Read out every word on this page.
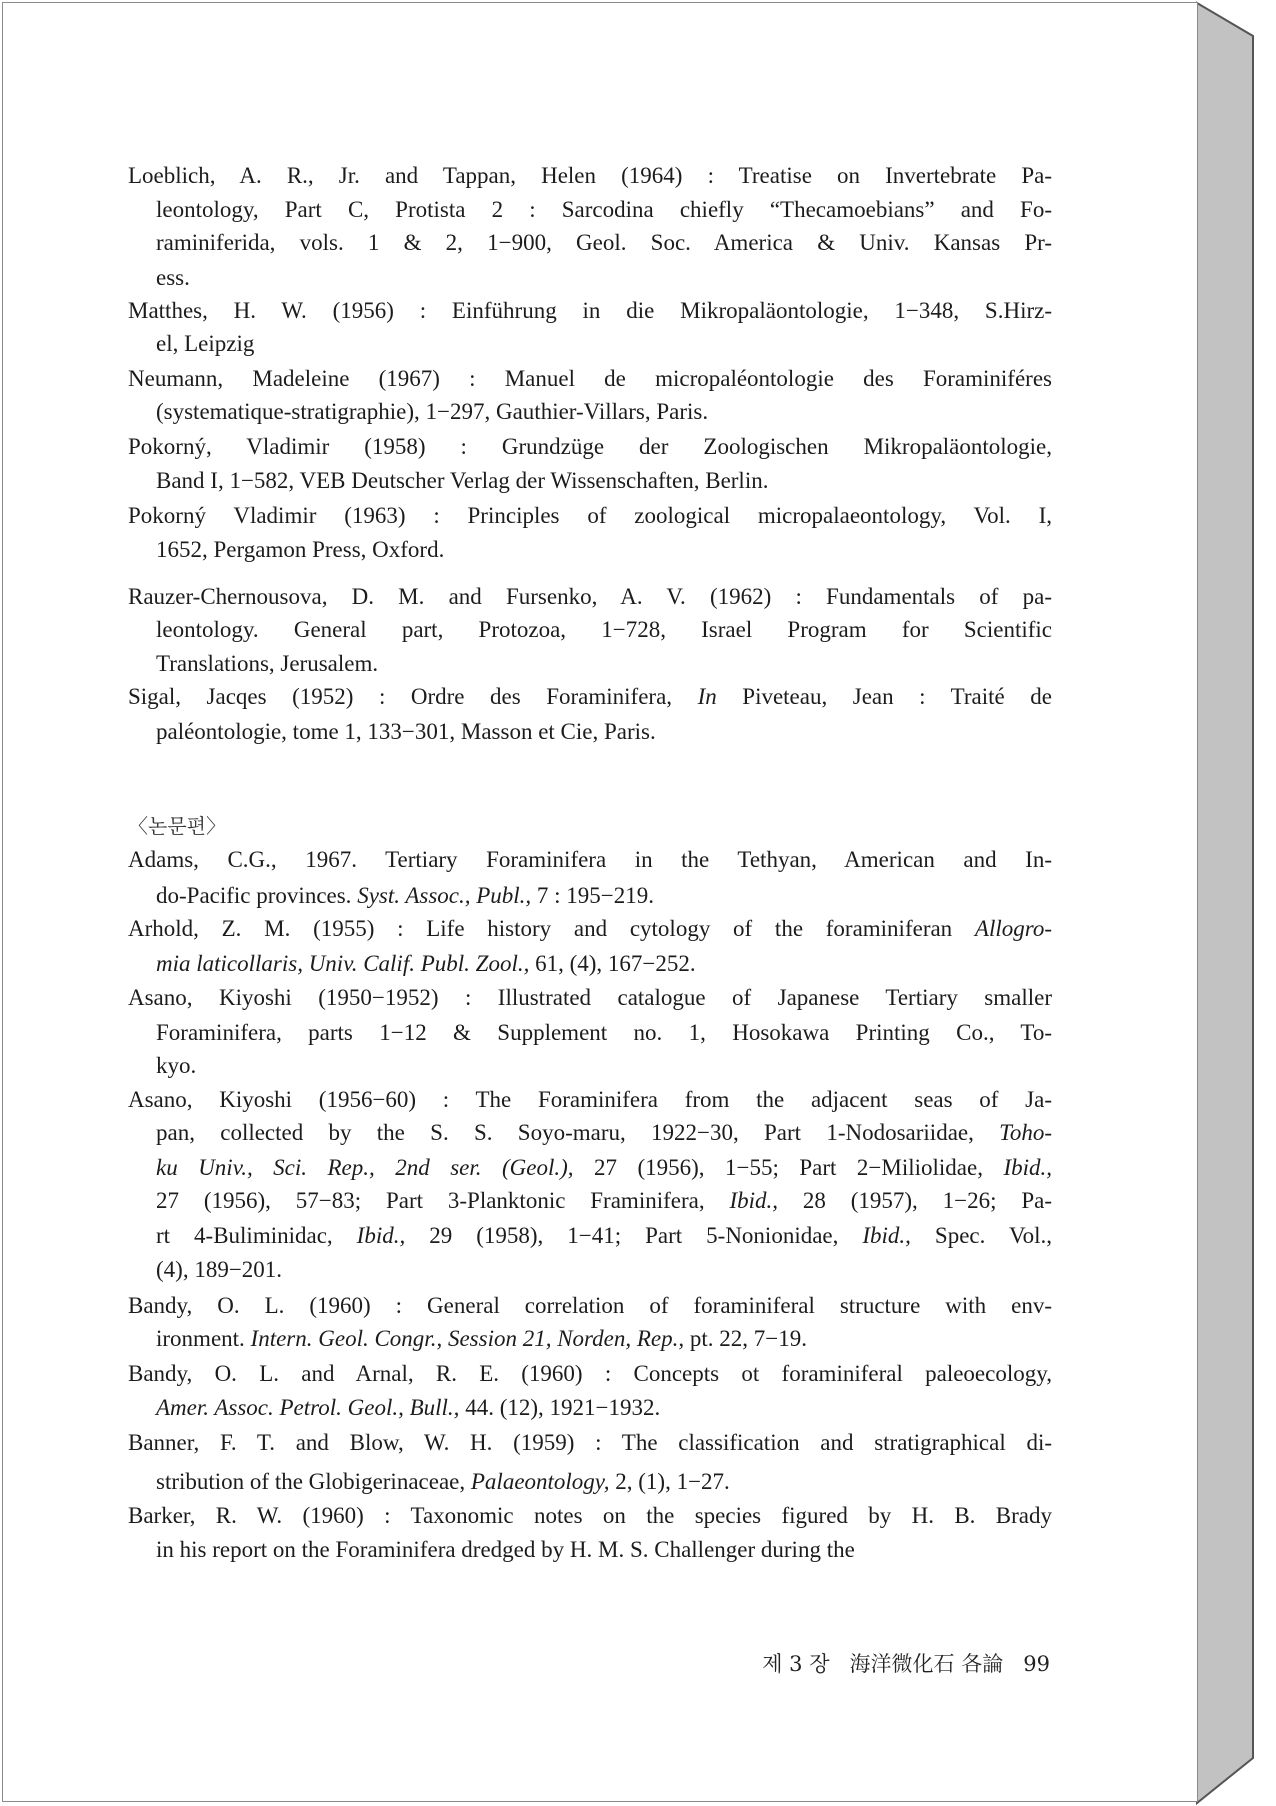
〈논문편〉
제 3 장 海洋微化石 各論 99
Loeblich, A. R., Jr. and Tappan, Helen (1964) : Treatise on Invertebrate Pa-
leontology, Part C, Protista 2 : Sarcodina chiefly “Thecamoebians” and Fo-
raminiferida, vols. 1 & 2, 1−900, Geol. Soc. America & Univ. Kansas Pr-
ess.
Matthes, H. W. (1956) : Einführung in die Mikropaläontologie, 1−348, S.Hirz-
el, Leipzig
Neumann, Madeleine (1967) : Manuel de micropaléontologie des Foraminiféres
(systematique-stratigraphie), 1−297, Gauthier-Villars, Paris.
Pokorný, Vladimir (1958) : Grundzüge der Zoologischen Mikropaläontologie,
Band I, 1−582, VEB Deutscher Verlag der Wissenschaften, Berlin.
Pokorný Vladimir (1963) : Principles of zoological micropalaeontology, Vol. I,
1652, Pergamon Press, Oxford.
Rauzer-Chernousova, D. M. and Fursenko, A. V. (1962) : Fundamentals of pa-
leontology. General part, Protozoa, 1−728, Israel Program for Scientific
Translations, Jerusalem.
Sigal, Jacqes (1952) : Ordre des Foraminifera, In Piveteau, Jean : Traité de
paléontologie, tome 1, 133−301, Masson et Cie, Paris.
Adams, C.G., 1967. Tertiary Foraminifera in the Tethyan, American and In-
do-Pacific provinces. Syst. Assoc., Publ., 7 : 195−219.
Arhold, Z. M. (1955) : Life history and cytology of the foraminiferan Allogro-
mia laticollaris, Univ. Calif. Publ. Zool., 61, (4), 167−252.
Asano, Kiyoshi (1950−1952) : Illustrated catalogue of Japanese Tertiary smaller
Foraminifera, parts 1−12 & Supplement no. 1, Hosokawa Printing Co., To-
kyo.
Asano, Kiyoshi (1956−60) : The Foraminifera from the adjacent seas of Ja-
pan, collected by the S. S. Soyo-maru, 1922−30, Part 1-Nodosariidae, Toho-
ku Univ., Sci. Rep., 2nd ser. (Geol.), 27 (1956), 1−55; Part 2−Miliolidae, Ibid.,
27 (1956), 57−83; Part 3-Planktonic Framinifera, Ibid., 28 (1957), 1−26; Pa-
rt 4-Buliminidac, Ibid., 29 (1958), 1−41; Part 5-Nonionidae, Ibid., Spec. Vol.,
(4), 189−201.
Bandy, O. L. (1960) : General correlation of foraminiferal structure with env-
ironment. Intern. Geol. Congr., Session 21, Norden, Rep., pt. 22, 7−19.
Bandy, O. L. and Arnal, R. E. (1960) : Concepts ot foraminiferal paleoecology,
Amer. Assoc. Petrol. Geol., Bull., 44. (12), 1921−1932.
Banner, F. T. and Blow, W. H. (1959) : The classification and stratigraphical di-
stribution of the Globigerinaceae, Palaeontology, 2, (1), 1−27.
Barker, R. W. (1960) : Taxonomic notes on the species figured by H. B. Brady
in his report on the Foraminifera dredged by H. M. S. Challenger during the
